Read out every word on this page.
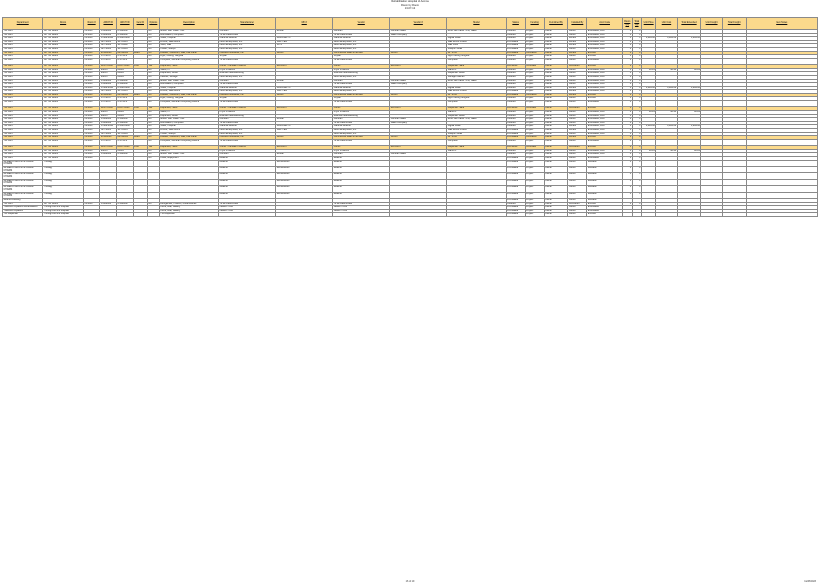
Rehabilitation Hospital of Acoma
Room by Room
13-07-12
Department	Room	Room #	ARCH ID	ARCH ID	Item ID	Options	Description	Manufacturer	Mfr #	Vendor	Vendor #	Model	Status	Funding	Furnished By	Installed By	Acct Code	Room Qty	Total Qty	Unit Price	Unit Cost	Total Extended	Unit Freight	Total Freight	Item Notes
TW Cont	OP TW Room	TR1014	C-088602	C-088602		No	Modul. Lab. Cabin. Unit	Contract	MODE	Contract	Contract Sales	MOD Lab Cabin. Unit, Sales	Ordered	Project	Owner	Owner	E-Movable, Furn	1	1						
TW Cont	OP TW Room	TR1014	C-088602	C-088602		No	Workstation, Computer	To Be Determined		To Be Determined	Sales Company		Ordered	Project	Owner	Owner	E-Movable, Furn	1	1						
TW Cont	OP TW Room	TR1014	C-188-6040	C-188-6040		No	Scale, Hospital	Cardinal Detecto	6100-8BR-70	Cardinal Detecto		Digital Scale	Ordered	Project	Owner	Vendor	E-Movable, Furn	1	1	1,284.00	1,284.00	1,284.00			
TW Cont	OP TW Room	TR1014	SFT-0001	SFT-0001		No	Fixture, Wall Mount	Lamb Enterprises, Inc.	WFPT-EN	Lamb Enterprises, Inc.		Wall Mount Fixture	Purchased	Project	Owner	Vendor	E-Movable, Furn	1	1						
TW Cont	OP TW Room	TR1014	SFT-0002	SFT-0002		No	Shelf, Wall	Lamb Enterprises, Inc.	SH-1	Lamb Enterprises, Inc.		Wall Shelf	Purchased	Project	Owner	Vendor	E-Movable, Furn	1	1						
TW Cont	OP TW Room	TR1014	SFT-0006	SFT-0006		No	Holder, Sharps	Lamb Enterprises, Inc.		Lamb Enterprises, Inc.		Sharps Holder	Purchased	Project	Owner	Owner	E-Movable, Furn	1	1						
TW Cont	OP TW Room	TR1014	MHG0000	MHG0000	Ward	No	Bracket, Television, Wall, Flat Panel	Peerless Industries, Inc.	SF650	Commercial Sales & Service	SF650	32" to 80"	Purchased	Contractor	Owner	Vendor	E-Fixed	1	1						
TW Cont	OP TW Room	TR1014	C-1760-0	C-1760-0		No	Light, Ceiling, Surgical	Stryker		Stryker		Light Ceiling Surgical	Ordered	Project	Owner	Owner	E-Fixed	1	1						
TW Cont	OP TW Room	TR1014	C-1760-0	C-1760-0		No	Computer, General Computing Device	To Be Determined		To Be Determined		Computer	Ordered	Project	Owner	Owner	E-Movable	1	1						
TW Cont	OP TW Room	TR1014	DFDT-0000	DFDT-0000	DSC	Yes	Dispenser, Hand	Clorox - Kendall Products	RDS-8KH	Clorox	RDS-8KH	Dispenser Hand	Furnished	Unfunded	Owner	Contractor	E-Fixed	1	1						
TW Cont	OP TW Room	TR1014	M6657	M6657		No	Stand, IV	Pryor Products		Pryor Products		Stand IV	Ordered	Project	Owner	Owner	E-Movable, Furn	1	1	96.24	96.24	96.24			
TW Cont	OP TW Room	TR1014	M6657	M6657		No	Dispenser, Glove	Bowman Manufacturing		Bowman Manufacturing		Dispenser Glove	Ordered	Project	Owner	Owner	E-Movable, Furn	1	1						
TW Cont	OP TW Room	TR1014	M6657	M6657		No	Cabinet, Storage	Lamb Enterprises, Inc.		Lamb Enterprises, Inc.		Storage Cabinet	Ordered	Project	Owner	Owner	E-Movable, Furn	1	1						
TW Cont	OP TW Room	TR1014	C-088602	C-088602		No	Modul. Lab. Cabin. Unit	Contract	MODE	Contract	Contract Sales	MOD Lab Cabin. Unit, Sales	Ordered	Project	Owner	Owner	E-Movable, Furn	1	1						
TW Cont	OP TW Room	TR1014	C-088602	C-088602		No	Workstation, Computer	To Be Determined		To Be Determined	Sales Company		Ordered	Project	Owner	Owner	E-Movable, Furn	1	1						
TW Cont	OP TW Room	TR1014	C-188-6040	C-188-6040		No	Scale, Hospital	Cardinal Detecto	6100-8BR-70	Cardinal Detecto		Digital Scale	Ordered	Project	Owner	Vendor	E-Movable, Furn	1	1	1,284.00	1,284.00	1,284.00			
TW Cont	OP TW Room	TR1014	SFT-0001	SFT-0001		No	Fixture, Wall Mount	Lamb Enterprises, Inc.	WFPT-EN	Lamb Enterprises, Inc.		Wall Mount Fixture	Purchased	Project	Owner	Vendor	E-Movable, Furn	1	1						
TW Cont	OP TW Room	TR1014	MHG0000	MHG0000	Ward	No	Bracket, Television, Wall, Flat Panel	Peerless Industries, Inc.	SF650	Commercial Sales & Service	SF650	32" to 80"	Purchased	Contractor	Owner	Vendor	E-Fixed	1	1						
TW Cont	OP TW Room	TR1014	C-1760-0	C-1760-0		No	Light, Ceiling, Surgical	Stryker		Stryker		Light Ceiling Surgical	Ordered	Project	Owner	Owner	E-Fixed	1	1						
TW Cont	OP TW Room	TR1014	C-1760-0	C-1760-0		No	Computer, General Computing Device	To Be Determined		To Be Determined		Computer	Ordered	Project	Owner	Owner	E-Movable	1	1						
TW Cont	OP TW Room	TR1014	DFDT-0000	DFDT-0000	DSC	Yes	Dispenser, Hand	Clorox - Kendall Products	RDS-8KH	Clorox	RDS-8KH	Dispenser Hand	Furnished	Unfunded	Owner	Contractor	E-Fixed	1	1						
TW Cont	OP TW Room	TR1014	M6657	M6657		No	Stand, IV	Pryor Products		Pryor Products		Stand IV	Ordered	Project	Owner	Owner	E-Movable, Furn	1	1	96.24	96.24	96.24			
TW Cont	OP TW Room	TR1014	M6657	M6657		No	Dispenser, Glove	Bowman Manufacturing		Bowman Manufacturing		Dispenser Glove	Ordered	Project	Owner	Owner	E-Movable, Furn	1	1						
TW Cont	OP TW Room	TR1014	C-088602	C-088602		No	Modul. Lab. Cabin. Unit	Contract	MODE	Contract	Contract Sales	MOD Lab Cabin. Unit, Sales	Ordered	Project	Owner	Owner	E-Movable, Furn	1	1						
TW Cont	OP TW Room	TR1014	C-088602	C-088602		No	Workstation, Computer	To Be Determined		To Be Determined	Sales Company		Ordered	Project	Owner	Owner	E-Movable, Furn	1	1						
TW Cont	OP TW Room	TR1014	C-188-6040	C-188-6040		No	Scale, Hospital	Cardinal Detecto	6100-8BR-70	Cardinal Detecto		Digital Scale	Ordered	Project	Owner	Vendor	E-Movable, Furn	1	1	1,284.00	1,284.00	1,284.00			
TW Cont	OP TW Room	TR1014	SFT-0001	SFT-0001		No	Fixture, Wall Mount	Lamb Enterprises, Inc.	WFPT-EN	Lamb Enterprises, Inc.		Wall Mount Fixture	Purchased	Project	Owner	Vendor	E-Movable, Furn	1	1						
TW Cont	OP TW Room	TR1014	SFT-0006	SFT-0006		No	Holder, Sharps	Lamb Enterprises, Inc.		Lamb Enterprises, Inc.		Sharps Holder	Purchased	Project	Owner	Owner	E-Movable, Furn	1	1						
TW Cont	OP TW Room	TR1014	MHG0000	MHG0000	Ward	No	Bracket, Television, Wall, Flat Panel	Peerless Industries, Inc.	SF650	Commercial Sales & Service	SF650	32" to 80"	Purchased	Contractor	Owner	Vendor	E-Fixed	1	1						
TW Cont	OP TW Room	TR1014	C-1760-0	C-1760-0		No	Computer, General Computing Device	To Be Determined		To Be Determined		Computer	Ordered	Project	Owner	Owner	E-Movable	1	1						
TW Cont	OP TW Room	TR1014	DFDT-0000	DFDT-0000	DSC	Yes	Dispenser, Hand	Clorox - Kendall Products	RDS-8KH	Clorox	RDS-8KH	Dispenser Hand	Furnished	Unfunded	Owner	Contractor	E-Fixed	1	1						
TW Cont	OP TW Room	TR1014	M6657	M6657		No	Stand, IV	Pryor Products		Pryor Products		Stand IV	Ordered	Project	Owner	Owner	E-Movable, Furn	1	1	96.24	96.24	96.24			
TW Cont	OP TW Room	TR1014	C-088602	C-088602		No	Modul. Lab. Cabin. Unit	Contract	MODE	Contract	Contract Sales		Ordered	Project	Owner	Owner	E-Movable, Furn	1	1						
TW Cont	OP TW Room	TR1014				No	Cover, Equipment	Medline		Medline			Purchased	Project	Owner	Owner	E-Movable	1	1						
WHEELCHAIRS & SHOWER CHAIRS	Therapy							Medline	MDS808000	Medline			Purchased	Project	Owner	Owner	Movable	1	1						
WHEELCHAIRS & SHOWER CHAIRS	Therapy							Medline	MDS808000	Medline			Purchased	Project	Owner	Owner	Movable	1	1						
WHEELCHAIRS & SHOWER CHAIRS	Therapy							Medline	MDS808000	Medline			Purchased	Project	Owner	Owner	Movable	1	1						
WHEELCHAIRS & SHOWER CHAIRS	Therapy							Medline	MDS808000	Medline			Purchased	Project	Owner	Owner	Movable	1	1						
WHEELCHAIRS & SHOWER CHAIRS	Therapy							Medline	MDS808000	Medline			Purchased	Project	Owner	Owner	Movable	1	1						
WHEELCHAIRS & SHOWER CHAIRS	Therapy							Medline	MDS808000	Medline			Purchased	Project	Owner	Owner	Movable	1	1						
Wound Dressing													Purchased	Project	Owner	Owner	Movable								
TW Cont	OP TW Room	TR1014	C-088602	C-088602		No	Refrigerator, Freezer, Undercounter	To Be Determined		To Be Determined			Ordered	Project	Owner	Contractor	E-Fixed	1	1						
Transition Inpatient Rehabilitation	Through-out the hospital						Clock, Wall, Battery	Lathem Time		Lathem Time			Purchased	Project	Owner	Owner	E-Movable								
Transition Inpatient	Through-out the hospital						Clock, Wall, Battery	Lathem Time		Lathem Time			Purchased	Project	Owner	Owner	E-Movable								
TW Dispenser	Through-out the hospital						TW Dispenser						Purchased	Project	Owner	Owner	E-Fixed								
16 of 19	11/28/2023
